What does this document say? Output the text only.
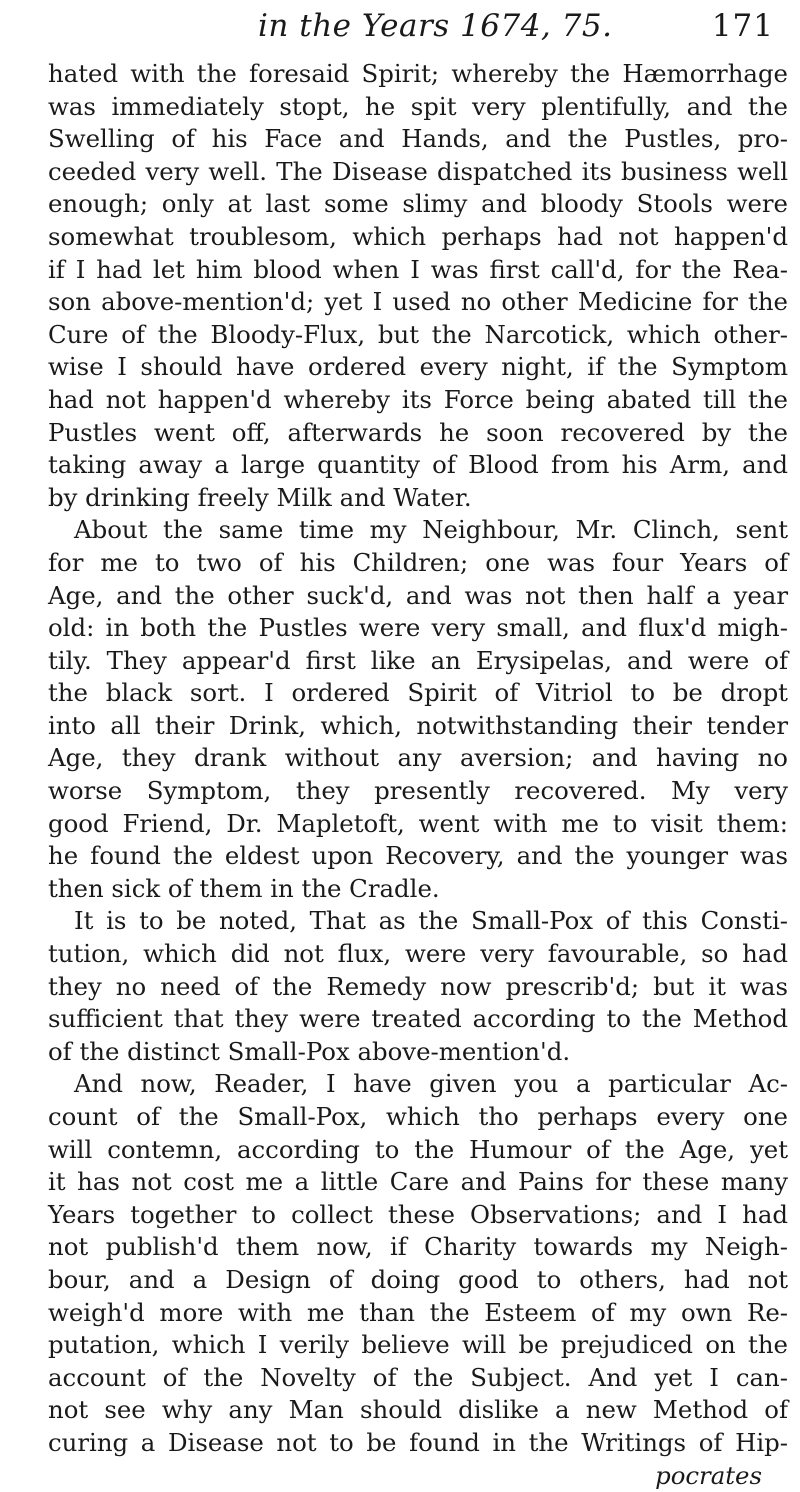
in the Years 1674, 75.	171
hated with the foresaid Spirit; whereby the Hæmorrhage
was immediately stopt, he spit very plentifully, and the
Swelling of his Face and Hands, and the Pustles, pro-
ceeded very well. The Disease dispatched its business well
enough; only at last some slimy and bloody Stools were
somewhat troublesom, which perhaps had not happen'd
if I had let him blood when I was first call'd, for the Rea-
son above-mention'd; yet I used no other Medicine for the
Cure of the Bloody-Flux, but the Narcotick, which other-
wise I should have ordered every night, if the Symptom
had not happen'd whereby its Force being abated till the
Pustles went off, afterwards he soon recovered by the
taking away a large quantity of Blood from his Arm, and
by drinking freely Milk and Water.
About the same time my Neighbour, Mr. Clinch, sent
for me to two of his Children; one was four Years of
Age, and the other suck'd, and was not then half a year
old: in both the Pustles were very small, and flux'd migh-
tily. They appear'd first like an Erysipelas, and were of
the black sort. I ordered Spirit of Vitriol to be dropt
into all their Drink, which, notwithstanding their tender
Age, they drank without any aversion; and having no
worse Symptom, they presently recovered. My very
good Friend, Dr. Mapletoft, went with me to visit them:
he found the eldest upon Recovery, and the younger was
then sick of them in the Cradle.
It is to be noted, That as the Small-Pox of this Consti-
tution, which did not flux, were very favourable, so had
they no need of the Remedy now prescrib'd; but it was
sufficient that they were treated according to the Method
of the distinct Small-Pox above-mention'd.
And now, Reader, I have given you a particular Ac-
count of the Small-Pox, which tho perhaps every one
will contemn, according to the Humour of the Age, yet
it has not cost me a little Care and Pains for these many
Years together to collect these Observations; and I had
not publish'd them now, if Charity towards my Neigh-
bour, and a Design of doing good to others, had not
weigh'd more with me than the Esteem of my own Re-
putation, which I verily believe will be prejudiced on the
account of the Novelty of the Subject. And yet I can-
not see why any Man should dislike a new Method of
curing a Disease not to be found in the Writings of Hip-
pocrates
